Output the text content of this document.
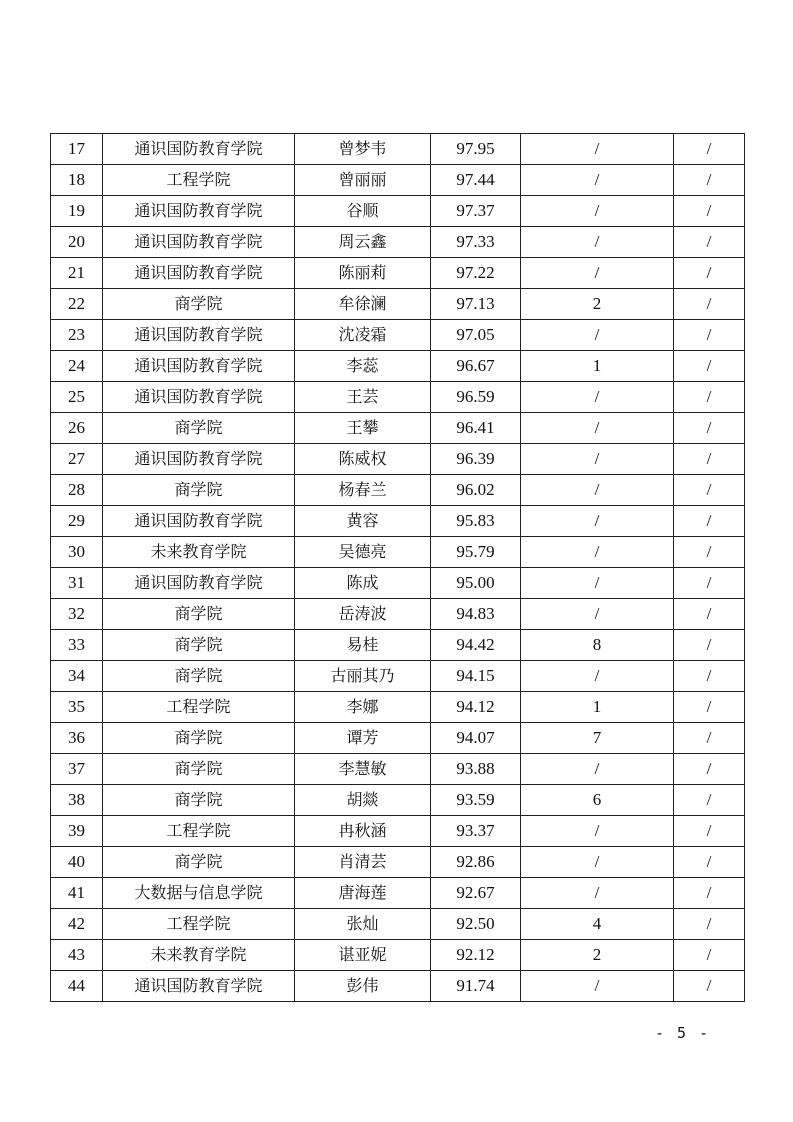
17	通识国防教育学院	曾梦韦	97.95	/	/
18	工程学院	曾丽丽	97.44	/	/
19	通识国防教育学院	谷顺	97.37	/	/
20	通识国防教育学院	周云鑫	97.33	/	/
21	通识国防教育学院	陈丽莉	97.22	/	/
22	商学院	牟徐澜	97.13	2	/
23	通识国防教育学院	沈凌霜	97.05	/	/
24	通识国防教育学院	李蕊	96.67	1	/
25	通识国防教育学院	王芸	96.59	/	/
26	商学院	王攀	96.41	/	/
27	通识国防教育学院	陈威权	96.39	/	/
28	商学院	杨春兰	96.02	/	/
29	通识国防教育学院	黄容	95.83	/	/
30	未来教育学院	吴德亮	95.79	/	/
31	通识国防教育学院	陈成	95.00	/	/
32	商学院	岳涛波	94.83	/	/
33	商学院	易桂	94.42	8	/
34	商学院	古丽其乃	94.15	/	/
35	工程学院	李娜	94.12	1	/
36	商学院	谭芳	94.07	7	/
37	商学院	李慧敏	93.88	/	/
38	商学院	胡燚	93.59	6	/
39	工程学院	冉秋涵	93.37	/	/
40	商学院	肖清芸	92.86	/	/
41	大数据与信息学院	唐海莲	92.67	/	/
42	工程学院	张灿	92.50	4	/
43	未来教育学院	谌亚妮	92.12	2	/
44	通识国防教育学院	彭伟	91.74	/	/
- 5 -
